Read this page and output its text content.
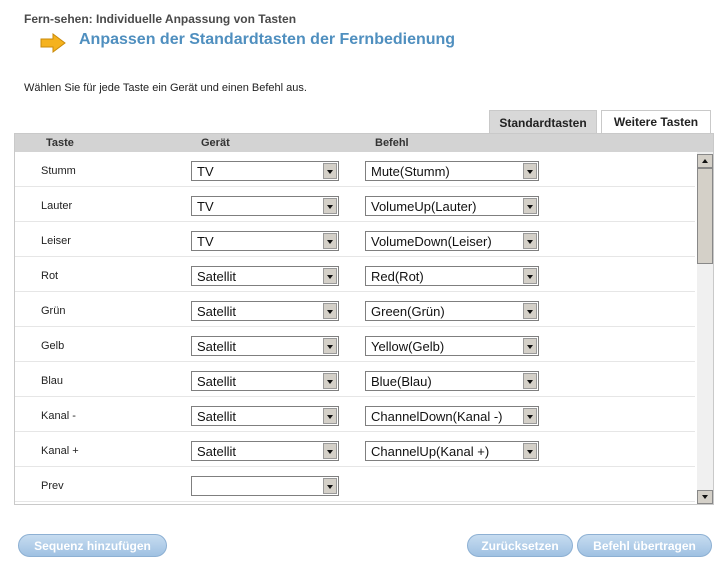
Fern-sehen: Individuelle Anpassung von Tasten
Anpassen der Standardtasten der Fernbedienung
Wählen Sie für jede Taste ein Gerät und einen Befehl aus.
Standardtasten	Weitere Tasten
Taste	Gerät	Befehl
Stumm	TV	Mute(Stumm)
Lauter	TV	VolumeUp(Lauter)
Leiser	TV	VolumeDown(Leiser)
Rot	Satellit	Red(Rot)
Grün	Satellit	Green(Grün)
Gelb	Satellit	Yellow(Gelb)
Blau	Satellit	Blue(Blau)
Kanal -	Satellit	ChannelDown(Kanal -)
Kanal +	Satellit	ChannelUp(Kanal +)
Prev
Sequenz hinzufügen	Zurücksetzen	Befehl übertragen
